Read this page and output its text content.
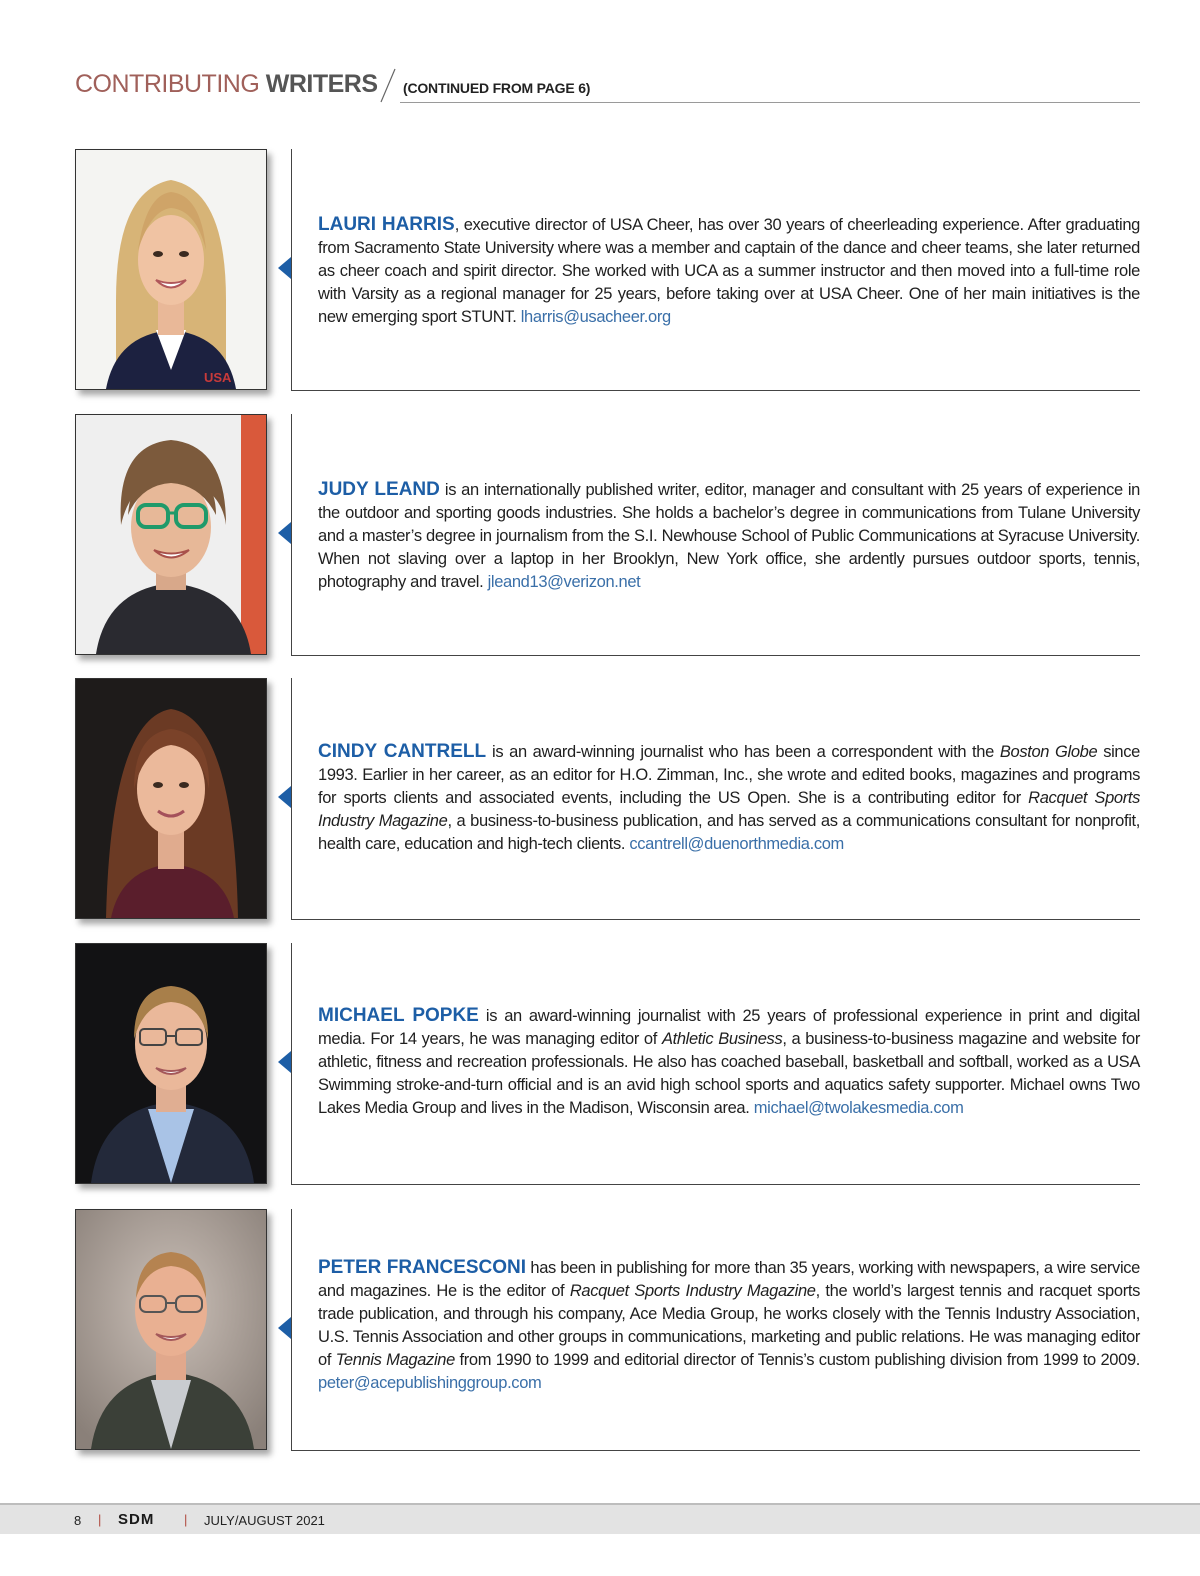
CONTRIBUTING WRITERS (CONTINUED FROM PAGE 6)
USA
LAURI HARRIS, executive director of USA Cheer, has over 30 years of cheerleading experience. After graduating from Sacramento State University where was a member and captain of the dance and cheer teams, she later returned as cheer coach and spirit director. She worked with UCA as a summer instructor and then moved into a full-time role with Varsity as a regional manager for 25 years, before taking over at USA Cheer. One of her main initiatives is the new emerging sport STUNT. lharris@usacheer.org
JUDY LEAND is an internationally published writer, editor, manager and consultant with 25 years of experience in the outdoor and sporting goods industries. She holds a bachelor’s degree in communications from Tulane University and a master’s degree in journalism from the S.I. Newhouse School of Public Communications at Syracuse University. When not slaving over a laptop in her Brooklyn, New York office, she ardently pursues outdoor sports, tennis, photography and travel. jleand13@verizon.net
CINDY CANTRELL is an award-winning journalist who has been a correspondent with the Boston Globe since 1993. Earlier in her career, as an editor for H.O. Zimman, Inc., she wrote and edited books, magazines and programs for sports clients and associated events, including the US Open. She is a contributing editor for Racquet Sports Industry Magazine, a business-to-business publication, and has served as a communications consultant for nonprofit, health care, education and high-tech clients. ccantrell@duenorthmedia.com
MICHAEL POPKE is an award-winning journalist with 25 years of professional experience in print and digital media. For 14 years, he was managing editor of Athletic Business, a business-to-business magazine and website for athletic, fitness and recreation professionals. He also has coached baseball, basketball and softball, worked as a USA Swimming stroke-and-turn official and is an avid high school sports and aquatics safety supporter. Michael owns Two Lakes Media Group and lives in the Madison, Wisconsin area. michael@twolakesmedia.com
PETER FRANCESCONI has been in publishing for more than 35 years, working with newspapers, a wire service and magazines. He is the editor of Racquet Sports Industry Magazine, the world’s largest tennis and racquet sports trade publication, and through his company, Ace Media Group, he works closely with the Tennis Industry Association, U.S. Tennis Association and other groups in communications, marketing and public relations. He was managing editor of Tennis Magazine from 1990 to 1999 and editorial director of Tennis’s custom publishing division from 1999 to 2009. peter@acepublishinggroup.com
8 | SDM | JULY/AUGUST 2021
